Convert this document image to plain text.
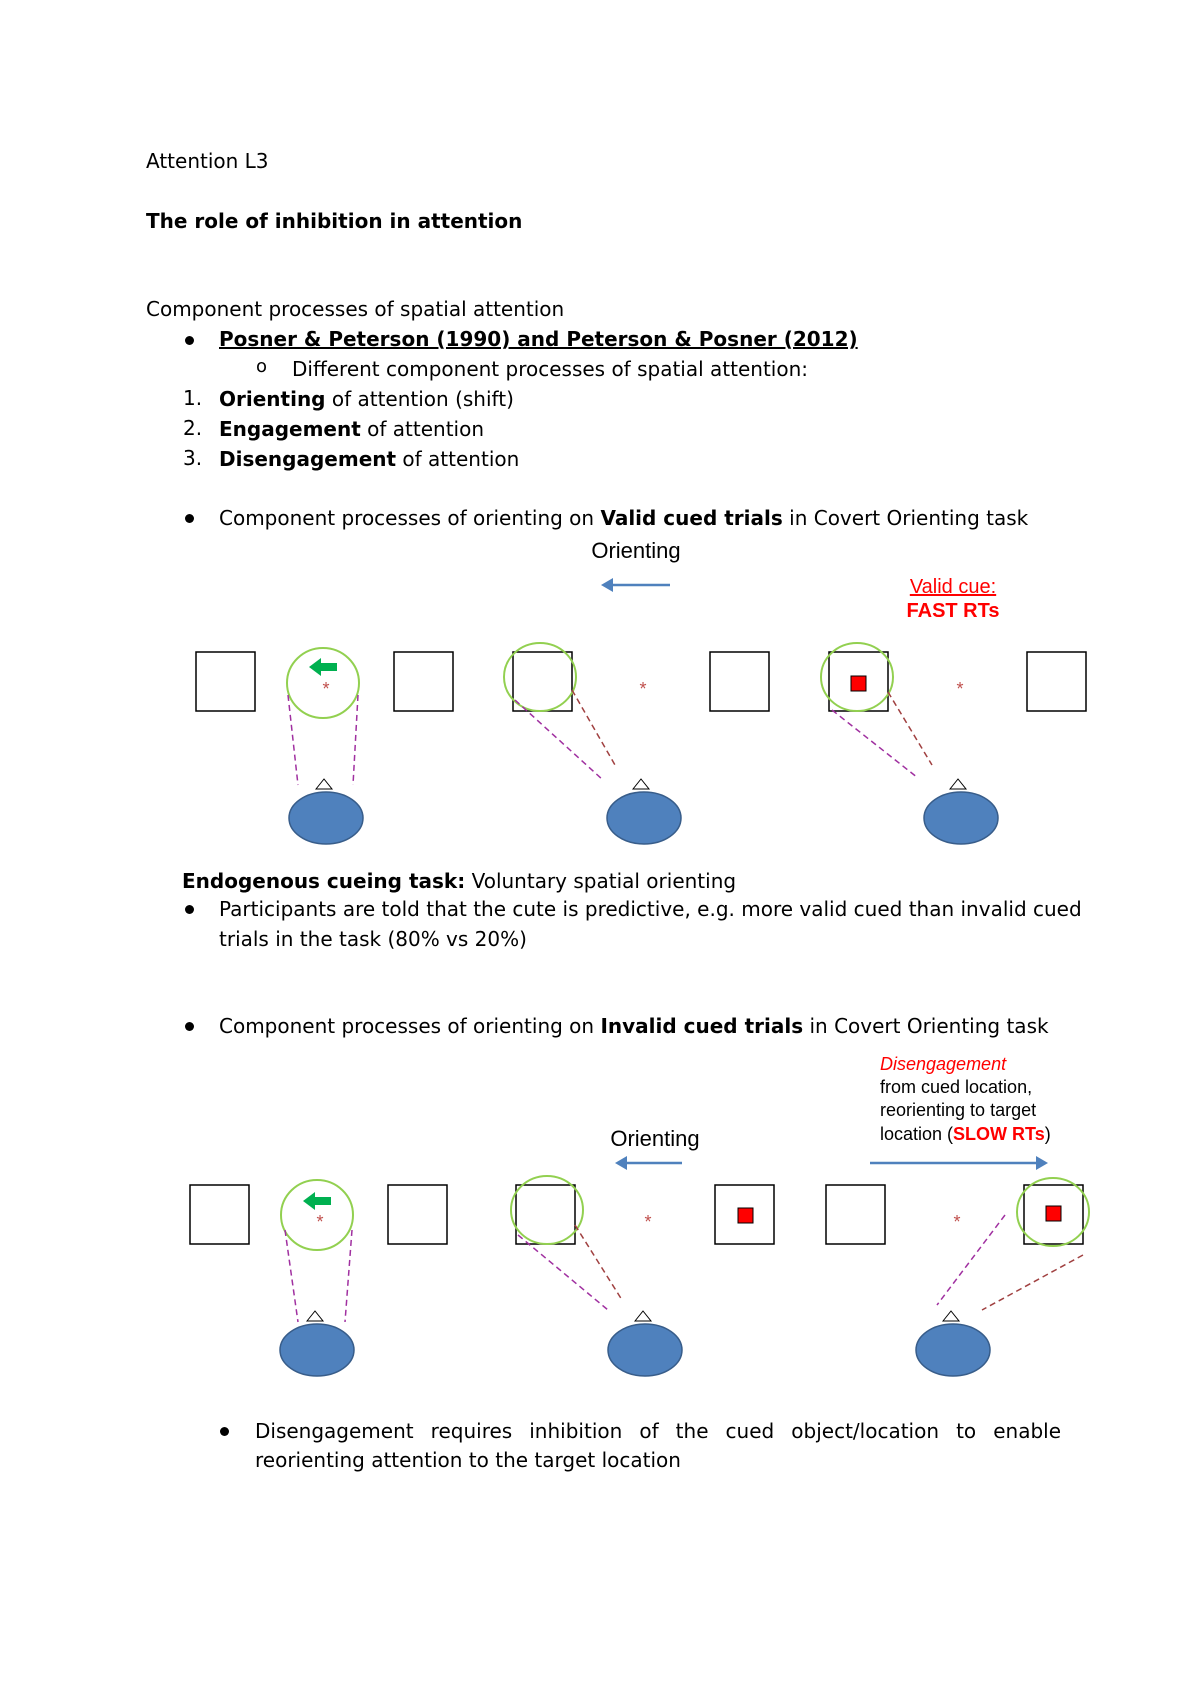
Attention L3
The role of inhibition in attention
Component processes of spatial attention
Posner & Peterson (1990) and Peterson & Posner (2012)
o Different component processes of spatial attention:
1. Orienting of attention (shift)
2. Engagement of attention
3. Disengagement of attention
Component processes of orienting on Valid cued trials in Covert Orienting task
Orienting
Valid cue:
FAST RTs
*	*	*
Endogenous cueing task: Voluntary spatial orienting
Participants are told that the cute is predictive, e.g. more valid cued than invalid cued
trials in the task (80% vs 20%)
Component processes of orienting on Invalid cued trials in Covert Orienting task
Disengagement
from cued location,
reorienting to target
location (SLOW RTs)
Orienting
*	*	*
Disengagement requires inhibition of the cued object/location to enable reorienting attention to the target location
